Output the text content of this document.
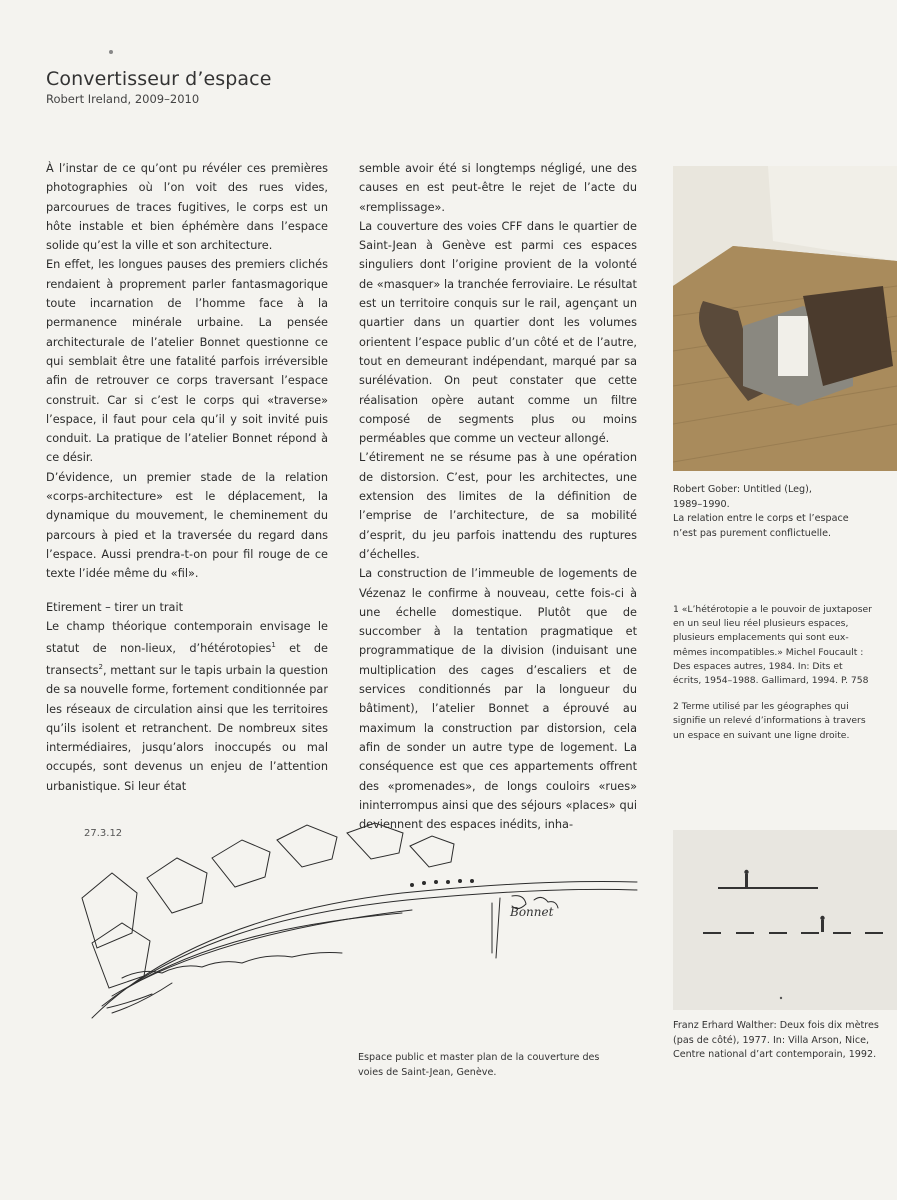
Convertisseur d’espace
Robert Ireland, 2009–2010

À l’instar de ce qu’ont pu révéler ces premières photographies où l’on voit des rues vides, parcourues de traces fugitives, le corps est un hôte instable et bien éphémère dans l’espace solide qu’est la ville et son architecture.

En effet, les longues pauses des premiers clichés rendaient à proprement parler fantasmagorique toute incarnation de l’homme face à la permanence minérale urbaine. La pensée architecturale de l’atelier Bonnet questionne ce qui semblait être une fatalité parfois irréversible afin de retrouver ce corps traversant l’espace construit. Car si c’est le corps qui «traverse» l’espace, il faut pour cela qu’il y soit invité puis conduit. La pratique de l’atelier Bonnet répond à ce désir.

D’évidence, un premier stade de la relation «corps-architecture» est le déplacement, la dynamique du mouvement, le cheminement du parcours à pied et la traversée du regard dans l’espace. Aussi prendra-t-on pour fil rouge de ce texte l’idée même du «fil».

Etirement – tirer un trait

Le champ théorique contemporain envisage le statut de non-lieux, d’hétérotopies$^1$ et de transects$^2$, mettant sur le tapis urbain la question de sa nouvelle forme, fortement conditionnée par les réseaux de circulation ainsi que les territoires qu’ils isolent et retranchent. De nombreux sites intermédiaires, jusqu’alors inoccupés ou mal occupés, sont devenus un enjeu de l’attention urbanistique. Si leur état

semble avoir été si longtemps négligé, une des causes en est peut-être le rejet de l’acte du «remplissage».

La couverture des voies CFF dans le quartier de Saint-Jean à Genève est parmi ces espaces singuliers dont l’origine provient de la volonté de «masquer» la tranchée ferroviaire. Le résultat est un territoire conquis sur le rail, agençant un quartier dans un quartier dont les volumes orientent l’espace public d’un côté et de l’autre, tout en demeurant indépendant, marqué par sa surélévation. On peut constater que cette réalisation opère autant comme un filtre composé de segments plus ou moins perméables que comme un vecteur allongé.

L’étirement ne se résume pas à une opération de distorsion. C’est, pour les architectes, une extension des limites de la définition de l’emprise de l’architecture, de sa mobilité d’esprit, du jeu parfois inattendu des ruptures d’échelles.

La construction de l’immeuble de logements de Vézenaz le confirme à nouveau, cette fois-ci à une échelle domestique. Plutôt que de succomber à la tentation pragmatique et programmatique de la division (induisant une multiplication des cages d’escaliers et de services conditionnés par la longueur du bâtiment), l’atelier Bonnet a éprouvé au maximum la construction par distorsion, cela afin de sonder un autre type de logement. La conséquence est que ces appartements offrent des «promenades», de longs couloirs «rues» ininterrompus ainsi que des séjours «places» qui deviennent des espaces inédits, inha-

Robert Gober: Untitled (Leg),
1989–1990.
La relation entre le corps et l’espace n’est pas purement conflictuelle.

1 «L’hétérotopie a le pouvoir de juxtaposer en un seul lieu réel plusieurs espaces, plusieurs emplacements qui sont eux-mêmes incompatibles.» Michel Foucault : Des espaces autres, 1984. In: Dits et écrits, 1954–1988. Gallimard, 1994. P. 758

2 Terme utilisé par les géographes qui signifie un relevé d’informations à travers un espace en suivant une ligne droite.

27.3.12
Bonnet
Espace public et master plan de la couverture des voies de Saint-Jean, Genève.
Franz Erhard Walther: Deux fois dix mètres (pas de côté), 1977. In: Villa Arson, Nice, Centre national d’art contemporain, 1992.
